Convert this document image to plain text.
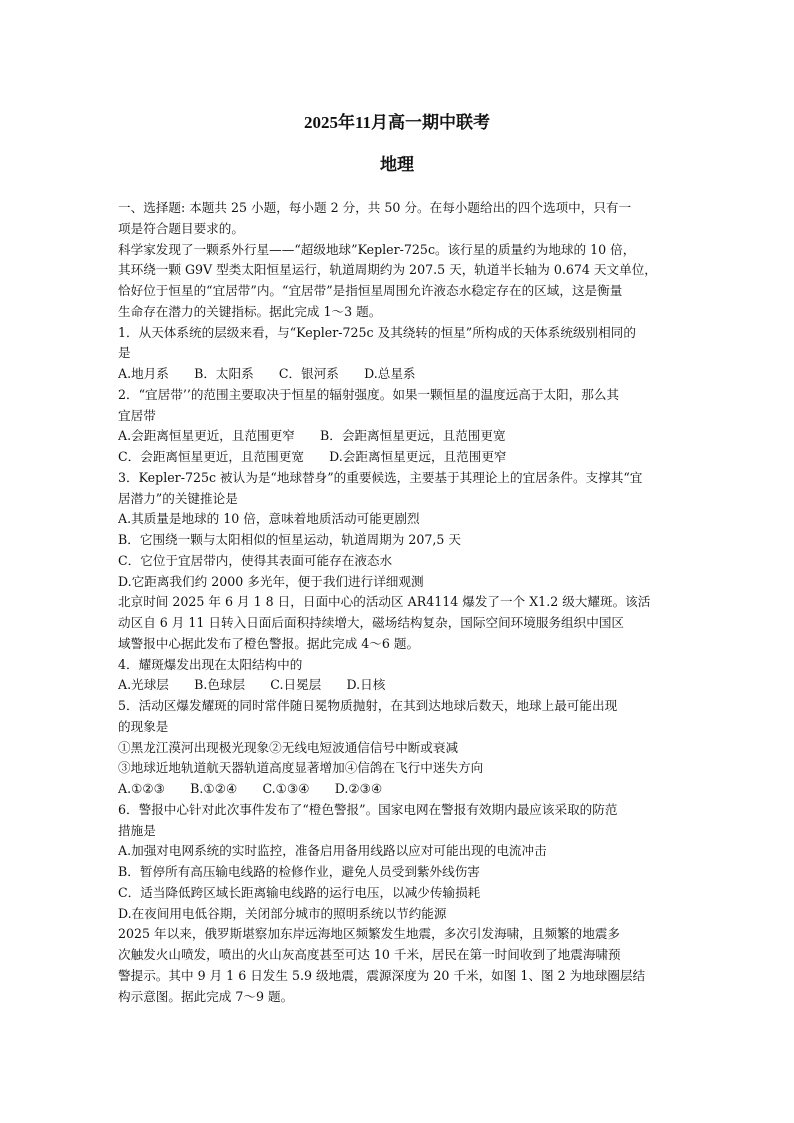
2025年11月高一期中联考
地理
一、选择题: 本题共 25 小题，每小题 2 分，共 50 分。在每小题给出的四个选项中，只有一
项是符合题目要求的。
科学家发现了一颗系外行星——“超级地球”Kepler-725c。该行星的质量约为地球的 10 倍，
其环绕一颗 G9V 型类太阳恒星运行，轨道周期约为 207.5 天，轨道半长轴为 0.674 天文单位，
恰好位于恒星的“宜居带”内。“宜居带”是指恒星周围允许液态水稳定存在的区域，这是衡量
生命存在潜力的关键指标。据此完成 1～3 题。
1．从天体系统的层级来看，与“Kepler-725c 及其绕转的恒星”所构成的天体系统级别相同的
是
A.地月系　　B．太阳系　　C．银河系　　D.总星系
2．“宜居带’’的范围主要取决于恒星的辐射强度。如果一颗恒星的温度远高于太阳，那么其
宜居带
A.会距离恒星更近，且范围更窄　　B．会距离恒星更远，且范围更宽
C．会距离恒星更近，且范围更宽　　D.会距离恒星更远，且范围更窄
3．Kepler-725c 被认为是“地球替身”的重要候选，主要基于其理论上的宜居条件。支撑其“宜
居潜力”的关键推论是
A.其质量是地球的 10 倍，意味着地质活动可能更剧烈
B．它围绕一颗与太阳相似的恒星运动，轨道周期为 207,5 天
C．它位于宜居带内，使得其表面可能存在液态水
D.它距离我们约 2000 多光年，便于我们进行详细观测
北京时间 2025 年 6 月 1 8 日，日面中心的活动区 AR4114 爆发了一个 X1.2 级大耀斑。该活
动区自 6 月 11 日转入日面后面积持续增大，磁场结构复杂，国际空间环境服务组织中国区
域警报中心据此发布了橙色警报。据此完成 4～6 题。
4．耀斑爆发出现在太阳结构中的
A.光球层　　B.色球层　　C.日冕层　　D.日核
5．活动区爆发耀斑的同时常伴随日冕物质抛射，在其到达地球后数天，地球上最可能出现
的现象是
①黑龙江漠河出现极光现象②无线电短波通信信号中断或衰减
③地球近地轨道航天器轨道高度显著增加④信鸽在飞行中迷失方向
A.①②③　　B.①②④　　C.①③④　　D.②③④
6．警报中心针对此次事件发布了“橙色警报”。国家电网在警报有效期内最应该采取的防范
措施是
A.加强对电网系统的实时监控，准备启用备用线路以应对可能出现的电流冲击
B．暂停所有高压输电线路的检修作业，避免人员受到紫外线伤害
C．适当降低跨区域长距离输电线路的运行电压，以减少传输损耗
D.在夜间用电低谷期，关闭部分城市的照明系统以节约能源
2025 年以来，俄罗斯堪察加东岸远海地区频繁发生地震，多次引发海啸，且频繁的地震多
次触发火山喷发，喷出的火山灰高度甚至可达 10 千米，居民在第一时间收到了地震海啸预
警提示。其中 9 月 1 6 日发生 5.9 级地震，震源深度为 20 千米，如图 1、图 2 为地球圈层结
构示意图。据此完成 7～9 题。
